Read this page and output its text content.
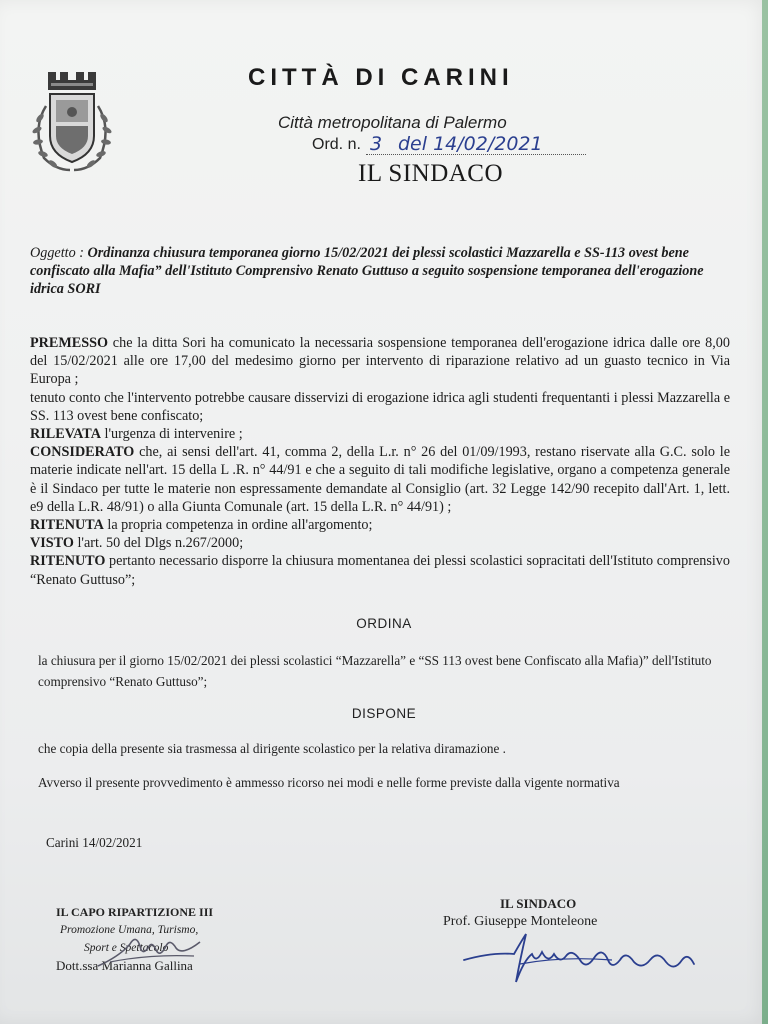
CITTÀ DI CARINI
Città metropolitana di Palermo
Ord. n. 3 del 14/02/2021
IL SINDACO
Oggetto : Ordinanza chiusura temporanea giorno 15/02/2021 dei plessi scolastici Mazzarella e SS-113 ovest bene confiscato alla Mafia” dell'Istituto Comprensivo Renato Guttuso a seguito sospensione temporanea dell'erogazione idrica SORI

PREMESSO che la ditta Sori ha comunicato la necessaria sospensione temporanea dell'erogazione idrica dalle ore 8,00 del 15/02/2021 alle ore 17,00 del medesimo giorno per intervento di riparazione relativo ad un guasto tecnico in Via Europa ;

tenuto conto che l'intervento potrebbe causare disservizi di erogazione idrica agli studenti frequentanti i plessi Mazzarella e SS. 113 ovest bene confiscato;

RILEVATA l'urgenza di intervenire ;

CONSIDERATO che, ai sensi dell'art. 41, comma 2, della L.r. n° 26 del 01/09/1993, restano riservate alla G.C. solo le materie indicate nell'art. 15 della L .R. n° 44/91 e che a seguito di tali modifiche legislative, organo a competenza generale è il Sindaco per tutte le materie non espressamente demandate al Consiglio (art. 32 Legge 142/90 recepito dall'Art. 1, lett. e9 della L.R. 48/91) o alla Giunta Comunale (art. 15 della L.R. n° 44/91) ;

RITENUTA la propria competenza in ordine all'argomento;

VISTO l'art. 50 del Dlgs n.267/2000;

RITENUTO pertanto necessario disporre la chiusura momentanea dei plessi scolastici sopracitati dell'Istituto comprensivo “Renato Guttuso”;

ORDINA
la chiusura per il giorno 15/02/2021 dei plessi scolastici “Mazzarella” e “SS 113 ovest bene Confiscato alla Mafia)” dell'Istituto comprensivo “Renato Guttuso”;
DISPONE
che copia della presente sia trasmessa al dirigente scolastico per la relativa diramazione .
Avverso il presente provvedimento è ammesso ricorso nei modi e nelle forme previste dalla vigente normativa
Carini 14/02/2021
IL CAPO RIPARTIZIONE III
Promozione Umana, Turismo,
Sport e Spettacolo
Dott.ssa Marianna Gallina
IL SINDACO
Prof. Giuseppe Monteleone
